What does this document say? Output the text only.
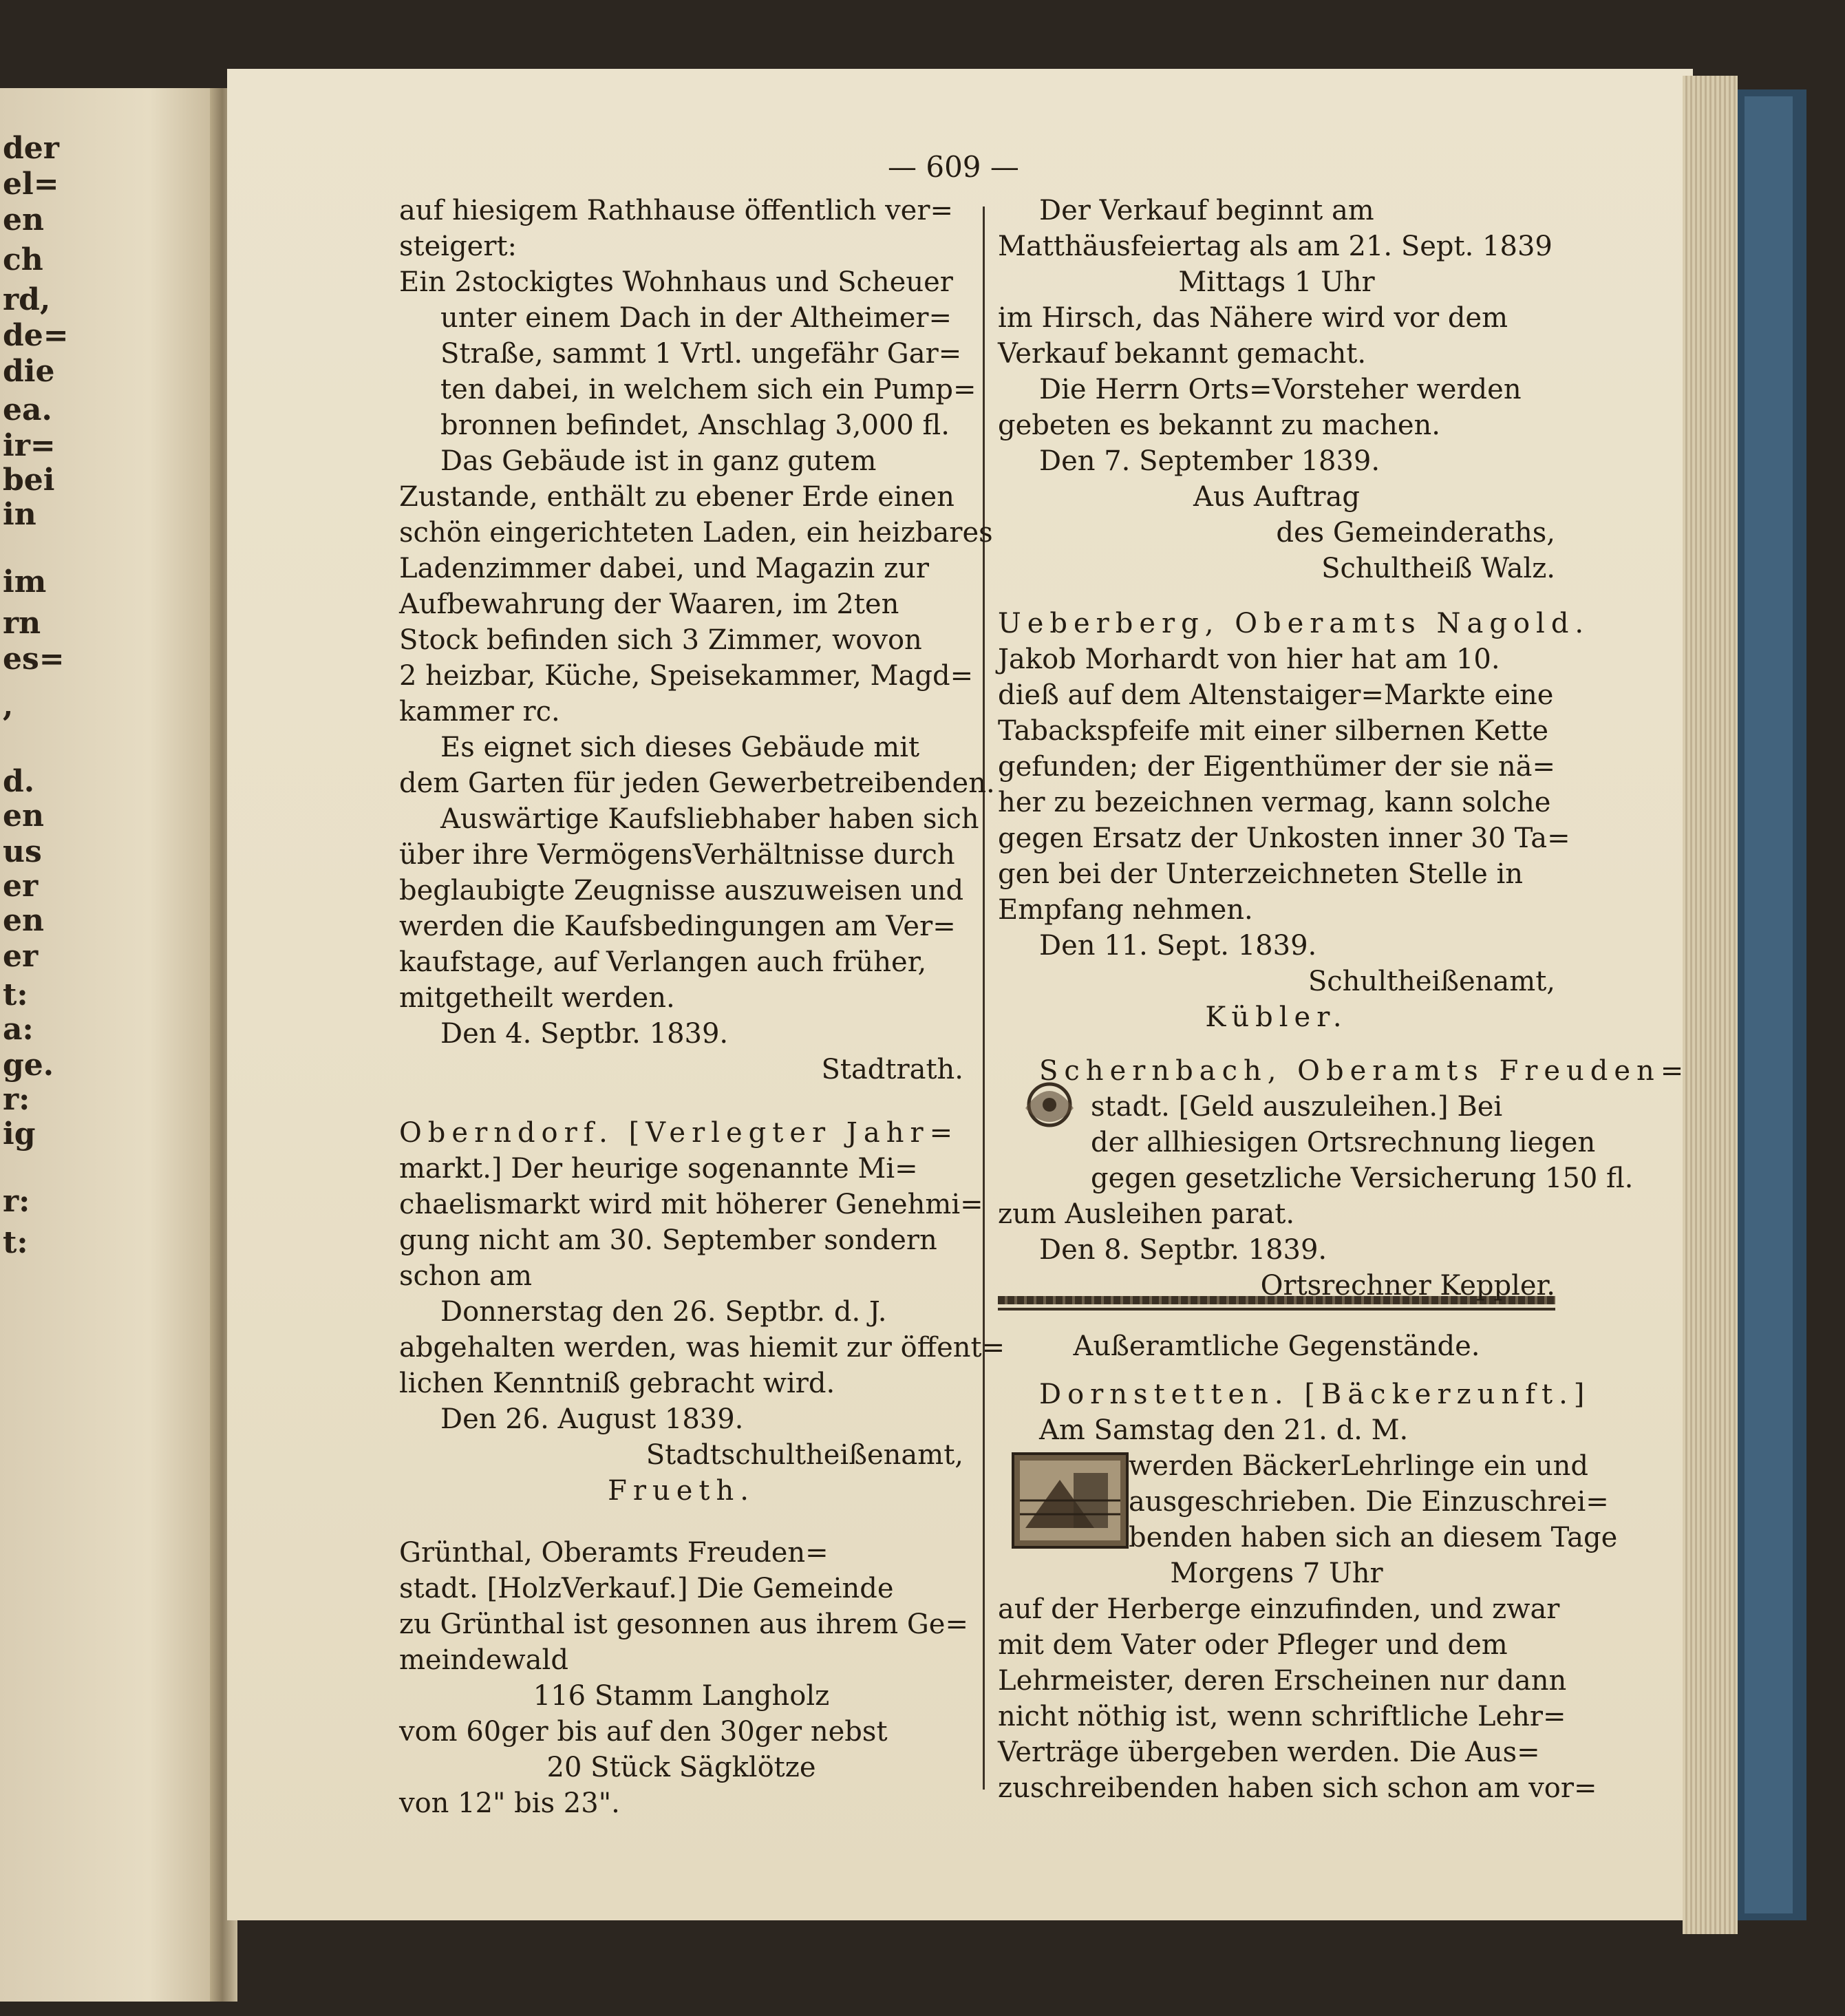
der
el=
en
ch
rd,
de=
die
ea.
ir=
bei
in
im
rn
es=
,
d.
en
us
er
en
er
t:
a:
ge.
r:
ig
r:
t:
— 609 —
auf hiesigem Rathhause öffentlich ver=
steigert:
Ein 2stockigtes Wohnhaus und Scheuer
unter einem Dach in der Altheimer=
Straße, sammt 1 Vrtl. ungefähr Gar=
ten dabei, in welchem sich ein Pump=
bronnen befindet, Anschlag 3,000 fl.
Das Gebäude ist in ganz gutem
Zustande, enthält zu ebener Erde einen
schön eingerichteten Laden, ein heizbares
Ladenzimmer dabei, und Magazin zur
Aufbewahrung der Waaren, im 2ten
Stock befinden sich 3 Zimmer, wovon
2 heizbar, Küche, Speisekammer, Magd=
kammer rc.
Es eignet sich dieses Gebäude mit
dem Garten für jeden Gewerbetreibenden.
Auswärtige Kaufsliebhaber haben sich
über ihre VermögensVerhältnisse durch
beglaubigte Zeugnisse auszuweisen und
werden die Kaufsbedingungen am Ver=
kaufstage, auf Verlangen auch früher,
mitgetheilt werden.
Den 4. Septbr. 1839.
Stadtrath.
Oberndorf. [Verlegter Jahr=
markt.] Der heurige sogenannte Mi=
chaelismarkt wird mit höherer Genehmi=
gung nicht am 30. September sondern
schon am
Donnerstag den 26. Septbr. d. J.
abgehalten werden, was hiemit zur öffent=
lichen Kenntniß gebracht wird.
Den 26. August 1839.
Stadtschultheißenamt,
Frueth.
Grünthal, Oberamts Freuden=
stadt. [HolzVerkauf.] Die Gemeinde
zu Grünthal ist gesonnen aus ihrem Ge=
meindewald
116 Stamm Langholz
vom 60ger bis auf den 30ger nebst
20 Stück Sägklötze
von 12" bis 23".
Der Verkauf beginnt am
Matthäusfeiertag als am 21. Sept. 1839
Mittags 1 Uhr
im Hirsch, das Nähere wird vor dem
Verkauf bekannt gemacht.
Die Herrn Orts=Vorsteher werden
gebeten es bekannt zu machen.
Den 7. September 1839.
Aus Auftrag
des Gemeinderaths,
Schultheiß Walz.
Ueberberg, Oberamts Nagold.
Jakob Morhardt von hier hat am 10.
dieß auf dem Altenstaiger=Markte eine
Tabackspfeife mit einer silbernen Kette
gefunden; der Eigenthümer der sie nä=
her zu bezeichnen vermag, kann solche
gegen Ersatz der Unkosten inner 30 Ta=
gen bei der Unterzeichneten Stelle in
Empfang nehmen.
Den 11. Sept. 1839.
Schultheißenamt,
Kübler.
Schernbach, Oberamts Freuden=
stadt. [Geld auszuleihen.] Bei
der allhiesigen Ortsrechnung liegen
gegen gesetzliche Versicherung 150 fl.
zum Ausleihen parat.
Den 8. Septbr. 1839.
Ortsrechner Keppler.
Außeramtliche Gegenstände.
Dornstetten. [Bäckerzunft.]
Am Samstag den 21. d. M.
werden BäckerLehrlinge ein und
ausgeschrieben. Die Einzuschrei=
benden haben sich an diesem Tage
Morgens 7 Uhr
auf der Herberge einzufinden, und zwar
mit dem Vater oder Pfleger und dem
Lehrmeister, deren Erscheinen nur dann
nicht nöthig ist, wenn schriftliche Lehr=
Verträge übergeben werden. Die Aus=
zuschreibenden haben sich schon am vor=
